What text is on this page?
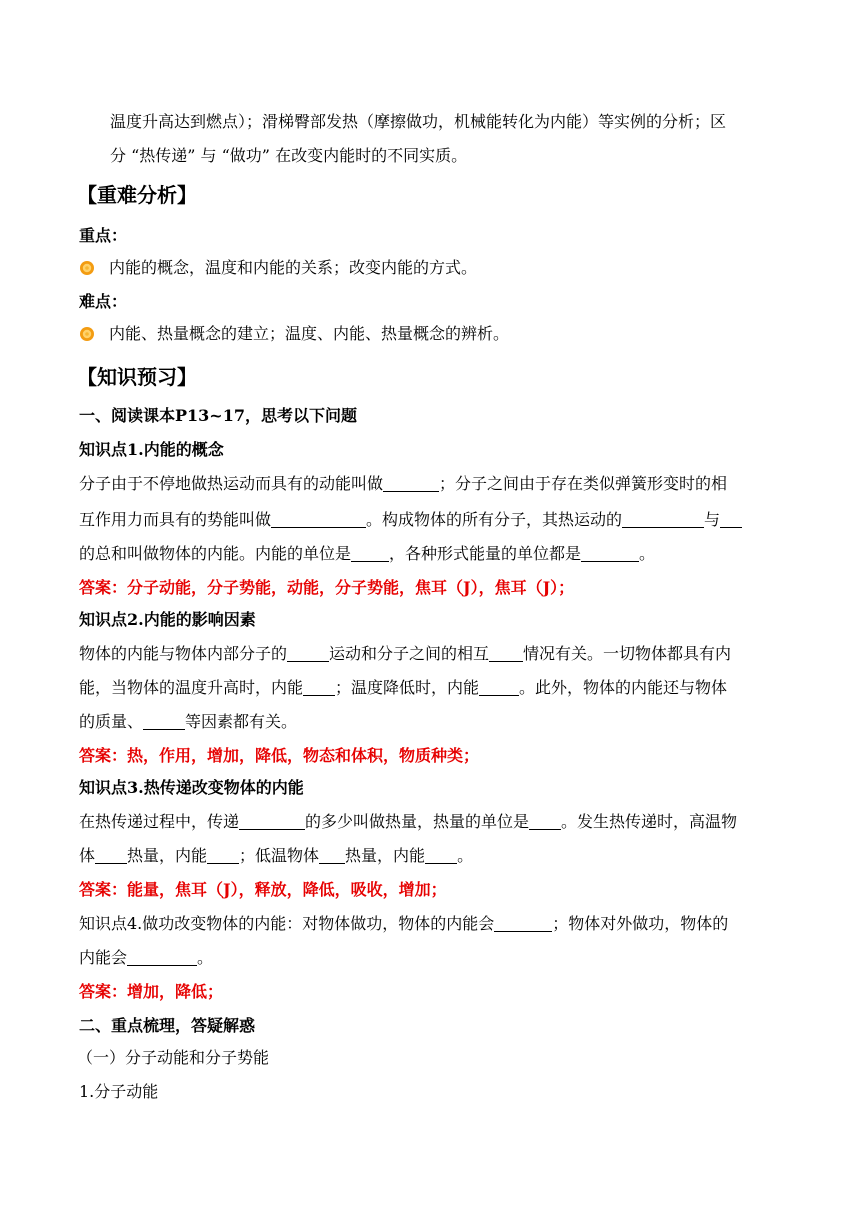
温度升高达到燃点）；滑梯臀部发热（摩擦做功，机械能转化为内能）等实例的分析；区

分 “热传递” 与 “做功” 在改变内能时的不同实质。

【重难分析】

重点：

内能的概念，温度和内能的关系；改变内能的方式。

难点：

内能、热量概念的建立；温度、内能、热量概念的辨析。

【知识预习】

一、阅读课本P13~17，思考以下问题

知识点1.内能的概念

分子由于不停地做热运动而具有的动能叫做	；分子之间由于存在类似弹簧形变时的相

互作用力而具有的势能叫做	。构成物体的所有分子，其热运动的	与

的总和叫做物体的内能。内能的单位是 ，各种形式能量的单位都是	。

答案：分子动能，分子势能，动能，分子势能，焦耳（J），焦耳（J）；

知识点2.内能的影响因素

物体的内能与物体内部分子的	运动和分子之间的相互 情况有关。一切物体都具有内

能，当物体的温度升高时，内能 ；温度降低时，内能	。此外，物体的内能还与物体

的质量、	等因素都有关。

答案：热，作用，增加，降低，物态和体积，物质种类；

知识点3.热传递改变物体的内能

在热传递过程中，传递	的多少叫做热量，热量的单位是 。发生热传递时，高温物

体 热量，内能 ；低温物体 热量，内能 。

答案：能量，焦耳（J），释放，降低，吸收，增加；

知识点4.做功改变物体的内能：对物体做功，物体的内能会	；物体对外做功，物体的

内能会	。

答案：增加，降低；

二、重点梳理，答疑解惑

（一）分子动能和分子势能

1.分子动能
